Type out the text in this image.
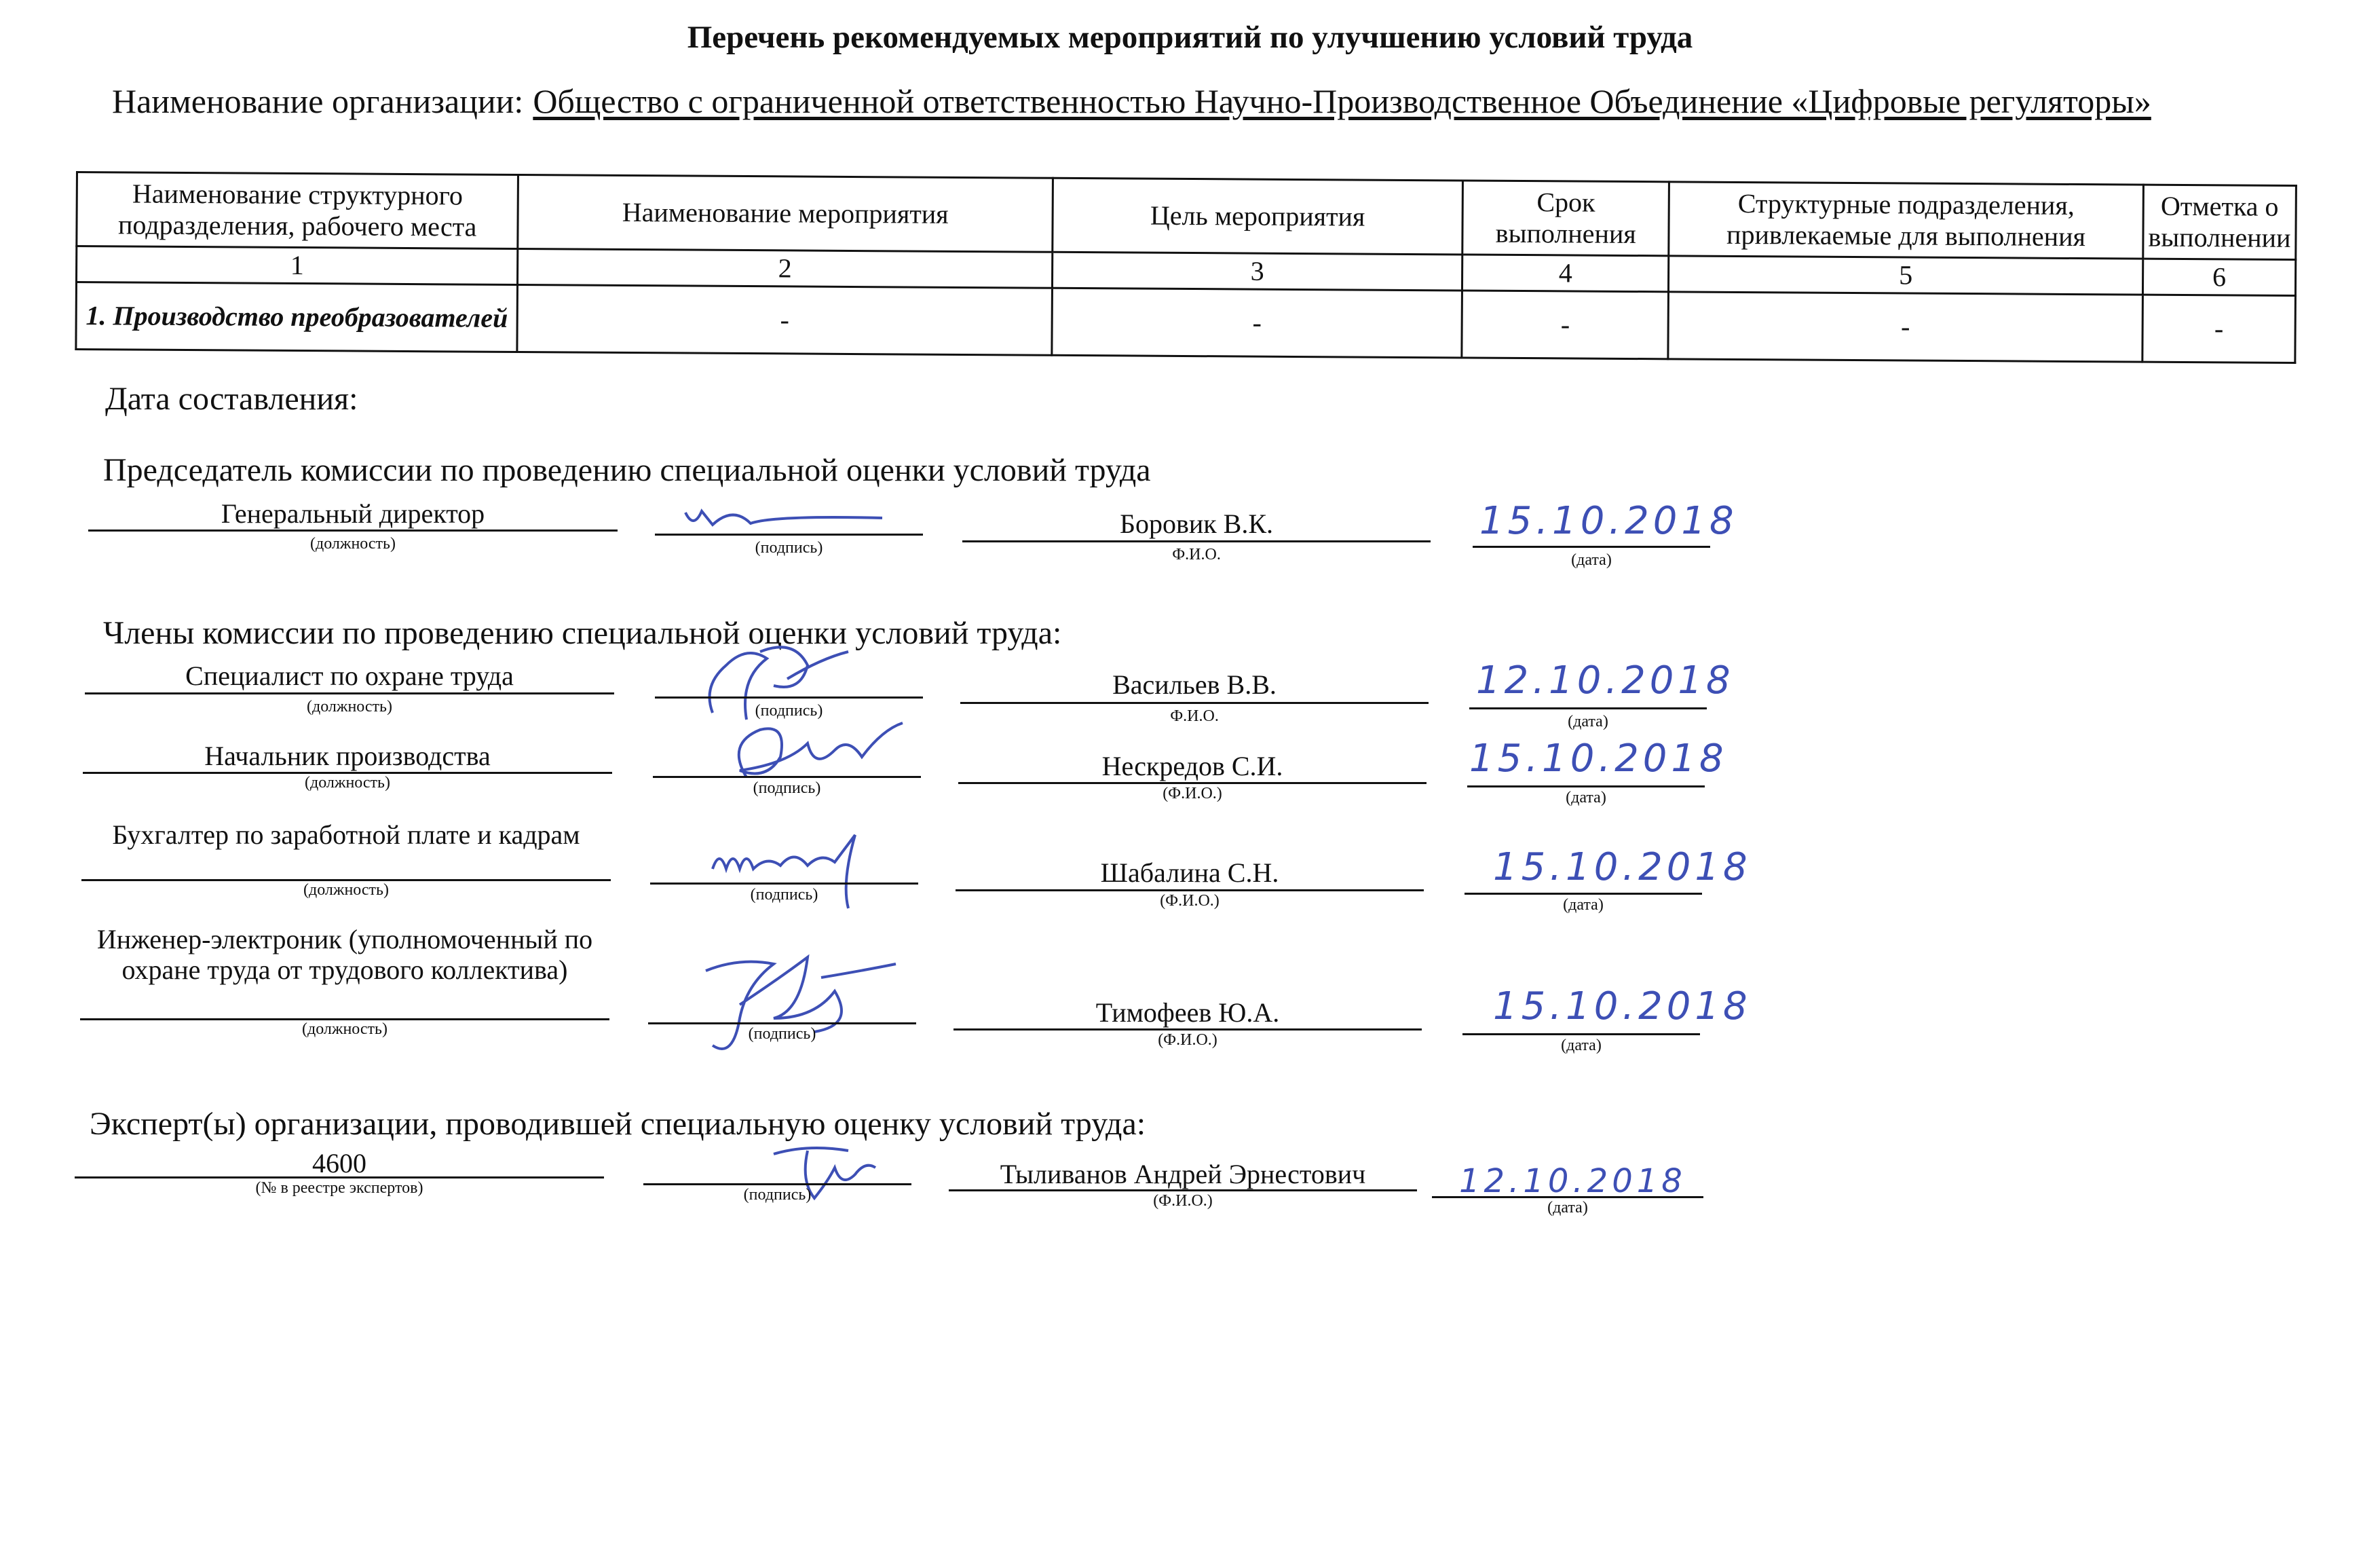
Перечень рекомендуемых мероприятий по улучшению условий труда
Наименование организации: Общество с ограниченной ответственностью Научно-Производственное Объединение «Цифровые регуляторы»
Наименование структурного подразделения, рабочего места	Наименование мероприятия	Цель мероприятия	Срок выполнения	Структурные подразделения, привлекаемые для выполнения	Отметка о выполнении
1	2	3	4	5	6
1. Производство преобразователей	-	-	-	-	-
Дата составления:
Председатель комиссии по проведению специальной оценки условий труда
Генеральный директор
(должность)	(подпись)
Боровик В.К.
Ф.И.О.
15.10.2018
(дата)
Члены комиссии по проведению специальной оценки условий труда:
Специалист по охране труда
(должность)	(подпись)
Васильев В.В.
Ф.И.О.
12.10.2018
(дата)
Начальник производства
(должность)	(подпись)
Нескредов С.И.
(Ф.И.О.)
15.10.2018
(дата)
Бухгалтер по заработной плате и кадрам
(должность)	(подпись)
Шабалина С.Н.
(Ф.И.О.)
15.10.2018
(дата)
Инженер-электроник (уполномоченный по охране труда от трудового коллектива)
(должность)	(подпись)
Тимофеев Ю.А.
(Ф.И.О.)
15.10.2018
(дата)
Эксперт(ы) организации, проводившей специальную оценку условий труда:
4600
(№ в реестре экспертов)	(подпись)
Тыливанов Андрей Эрнестович
(Ф.И.О.)
12.10.2018
(дата)
